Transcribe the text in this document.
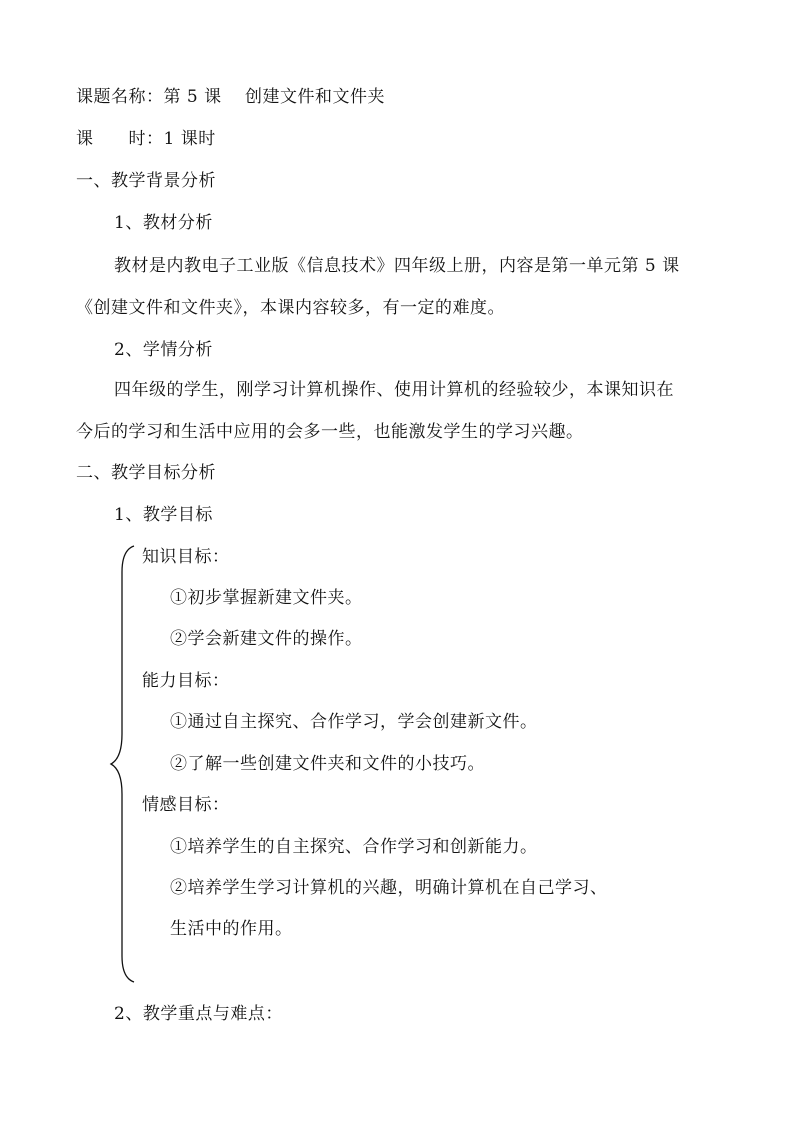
课题名称：第 5 课　 创建文件和文件夹
课　　时：1 课时
一、教学背景分析
1、教材分析
教材是内教电子工业版《信息技术》四年级上册，内容是第一单元第 5 课
《创建文件和文件夹》，本课内容较多，有一定的难度。
2、学情分析
四年级的学生，刚学习计算机操作、使用计算机的经验较少，本课知识在
今后的学习和生活中应用的会多一些，也能激发学生的学习兴趣。
二、教学目标分析
1、教学目标
知识目标：
①初步掌握新建文件夹。
②学会新建文件的操作。
能力目标：
①通过自主探究、合作学习，学会创建新文件。
②了解一些创建文件夹和文件的小技巧。
情感目标：
①培养学生的自主探究、合作学习和创新能力。
②培养学生学习计算机的兴趣，明确计算机在自己学习、
生活中的作用。
2、教学重点与难点：
